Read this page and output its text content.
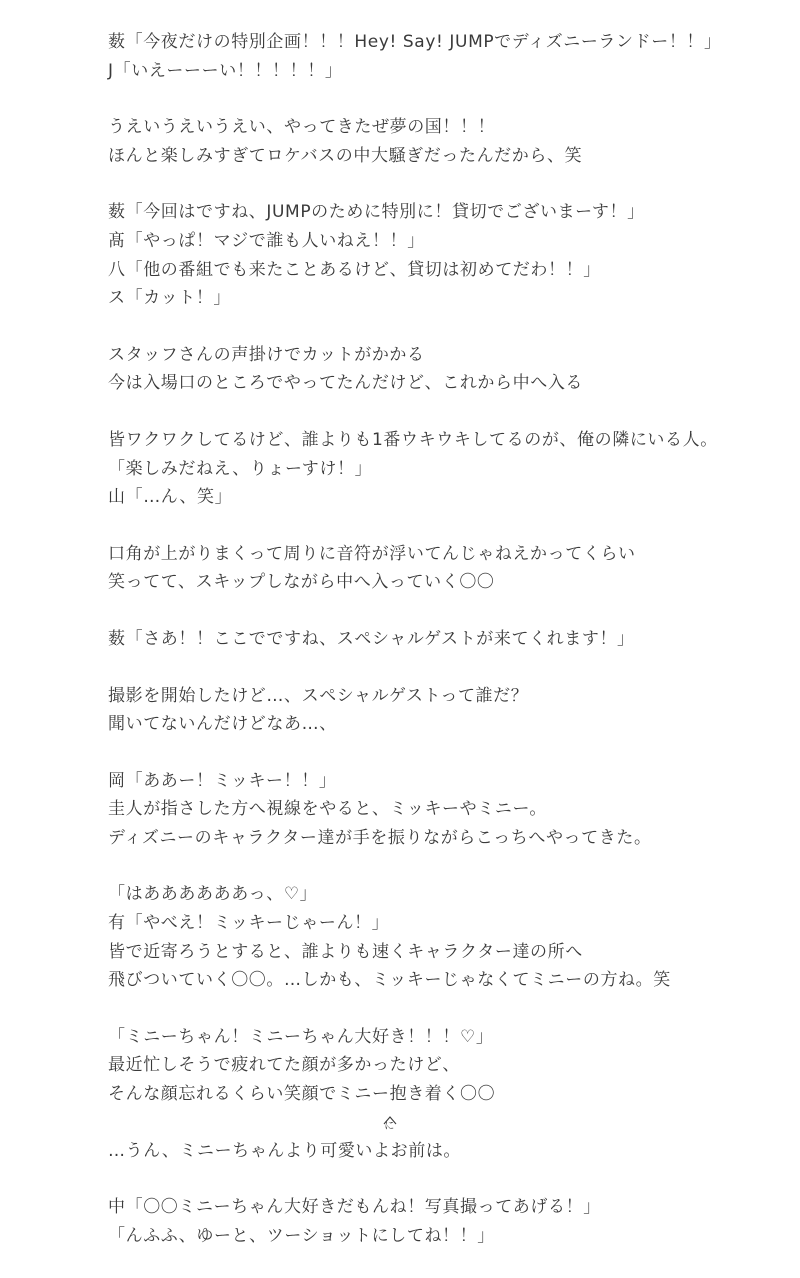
薮「今夜だけの特別企画！！！Hey! Say! JUMPでディズニーランドー！！」
J「いえーーーい！！！！！」
うえいうえいうえい、やってきたぜ夢の国！！！
ほんと楽しみすぎてロケバスの中大騒ぎだったんだから、笑
薮「今回はですね、JUMPのために特別に！貸切でございまーす！」
髙「やっぱ！マジで誰も人いねえ！！」
八「他の番組でも来たことあるけど、貸切は初めてだわ！！」
ス「カット！」
スタッフさんの声掛けでカットがかかる
今は入場口のところでやってたんだけど、これから中へ入る
皆ワクワクしてるけど、誰よりも1番ウキウキしてるのが、俺の隣にいる人。
「楽しみだねえ、りょーすけ！」
山「…ん、笑」
口角が上がりまくって周りに音符が浮いてんじゃねえかってくらい
笑ってて、スキップしながら中へ入っていく〇〇
薮「さあ！！ここでですね、スペシャルゲストが来てくれます！」
撮影を開始したけど…、スペシャルゲストって誰だ？
聞いてないんだけどなあ…、
岡「ああー！ミッキー！！」
圭人が指さした方へ視線をやると、ミッキーやミニー。
ディズニーのキャラクター達が手を振りながらこっちへやってきた。
「はああああああっ、♡」
有「やべえ！ミッキーじゃーん！」
皆で近寄ろうとすると、誰よりも速くキャラクター達の所へ
飛びついていく〇〇。…しかも、ミッキーじゃなくてミニーの方ね。笑
「ミニーちゃん！ミニーちゃん大好き！！！♡」
最近忙しそうで疲れてた顔が多かったけど、
そんな顔忘れるくらい笑顔でミニー
に
抱き着く〇〇
…うん、ミニーちゃんより可愛いよお前は。
中「〇〇ミニーちゃん大好きだもんね！写真撮ってあげる！」
「んふふ、ゆーと、ツーショットにしてね！！」
